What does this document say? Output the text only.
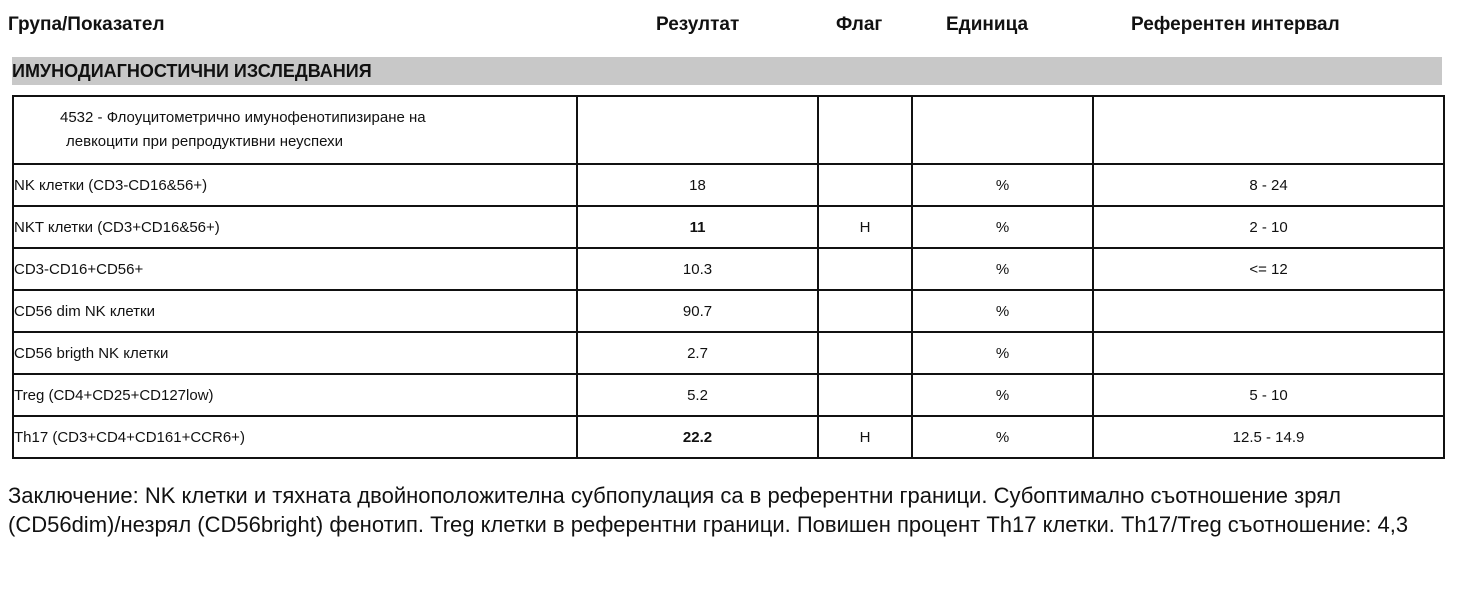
Група/Показател	Резултат	Флаг	Единица	Референтен интервал
ИМУНОДИАГНОСТИЧНИ ИЗСЛЕДВАНИЯ
4532 - Флоуцитометрично имунофенотипизиране на
левкоцити при репродуктивни неуспехи				

NK клетки (CD3-CD16&56+)	18		%	8 - 24
NKT клетки (CD3+CD16&56+)	11	H	%	2 - 10
CD3-CD16+CD56+	10.3		%	<= 12
CD56 dim NK клетки	90.7		%	
CD56 brigth NK клетки	2.7		%	
Treg (CD4+CD25+CD127low)	5.2		%	5 - 10
Th17 (CD3+CD4+CD161+CCR6+)	22.2	H	%	12.5 - 14.9
Заключение: NK клетки и тяхната двойноположителна субпопулация са в референтни граници. Субоптимално съотношение зрял (CD56dim)/незрял (CD56bright) фенотип. Treg клетки в референтни граници. Повишен процент Th17 клетки. Th17/Treg съотношение: 4,3
